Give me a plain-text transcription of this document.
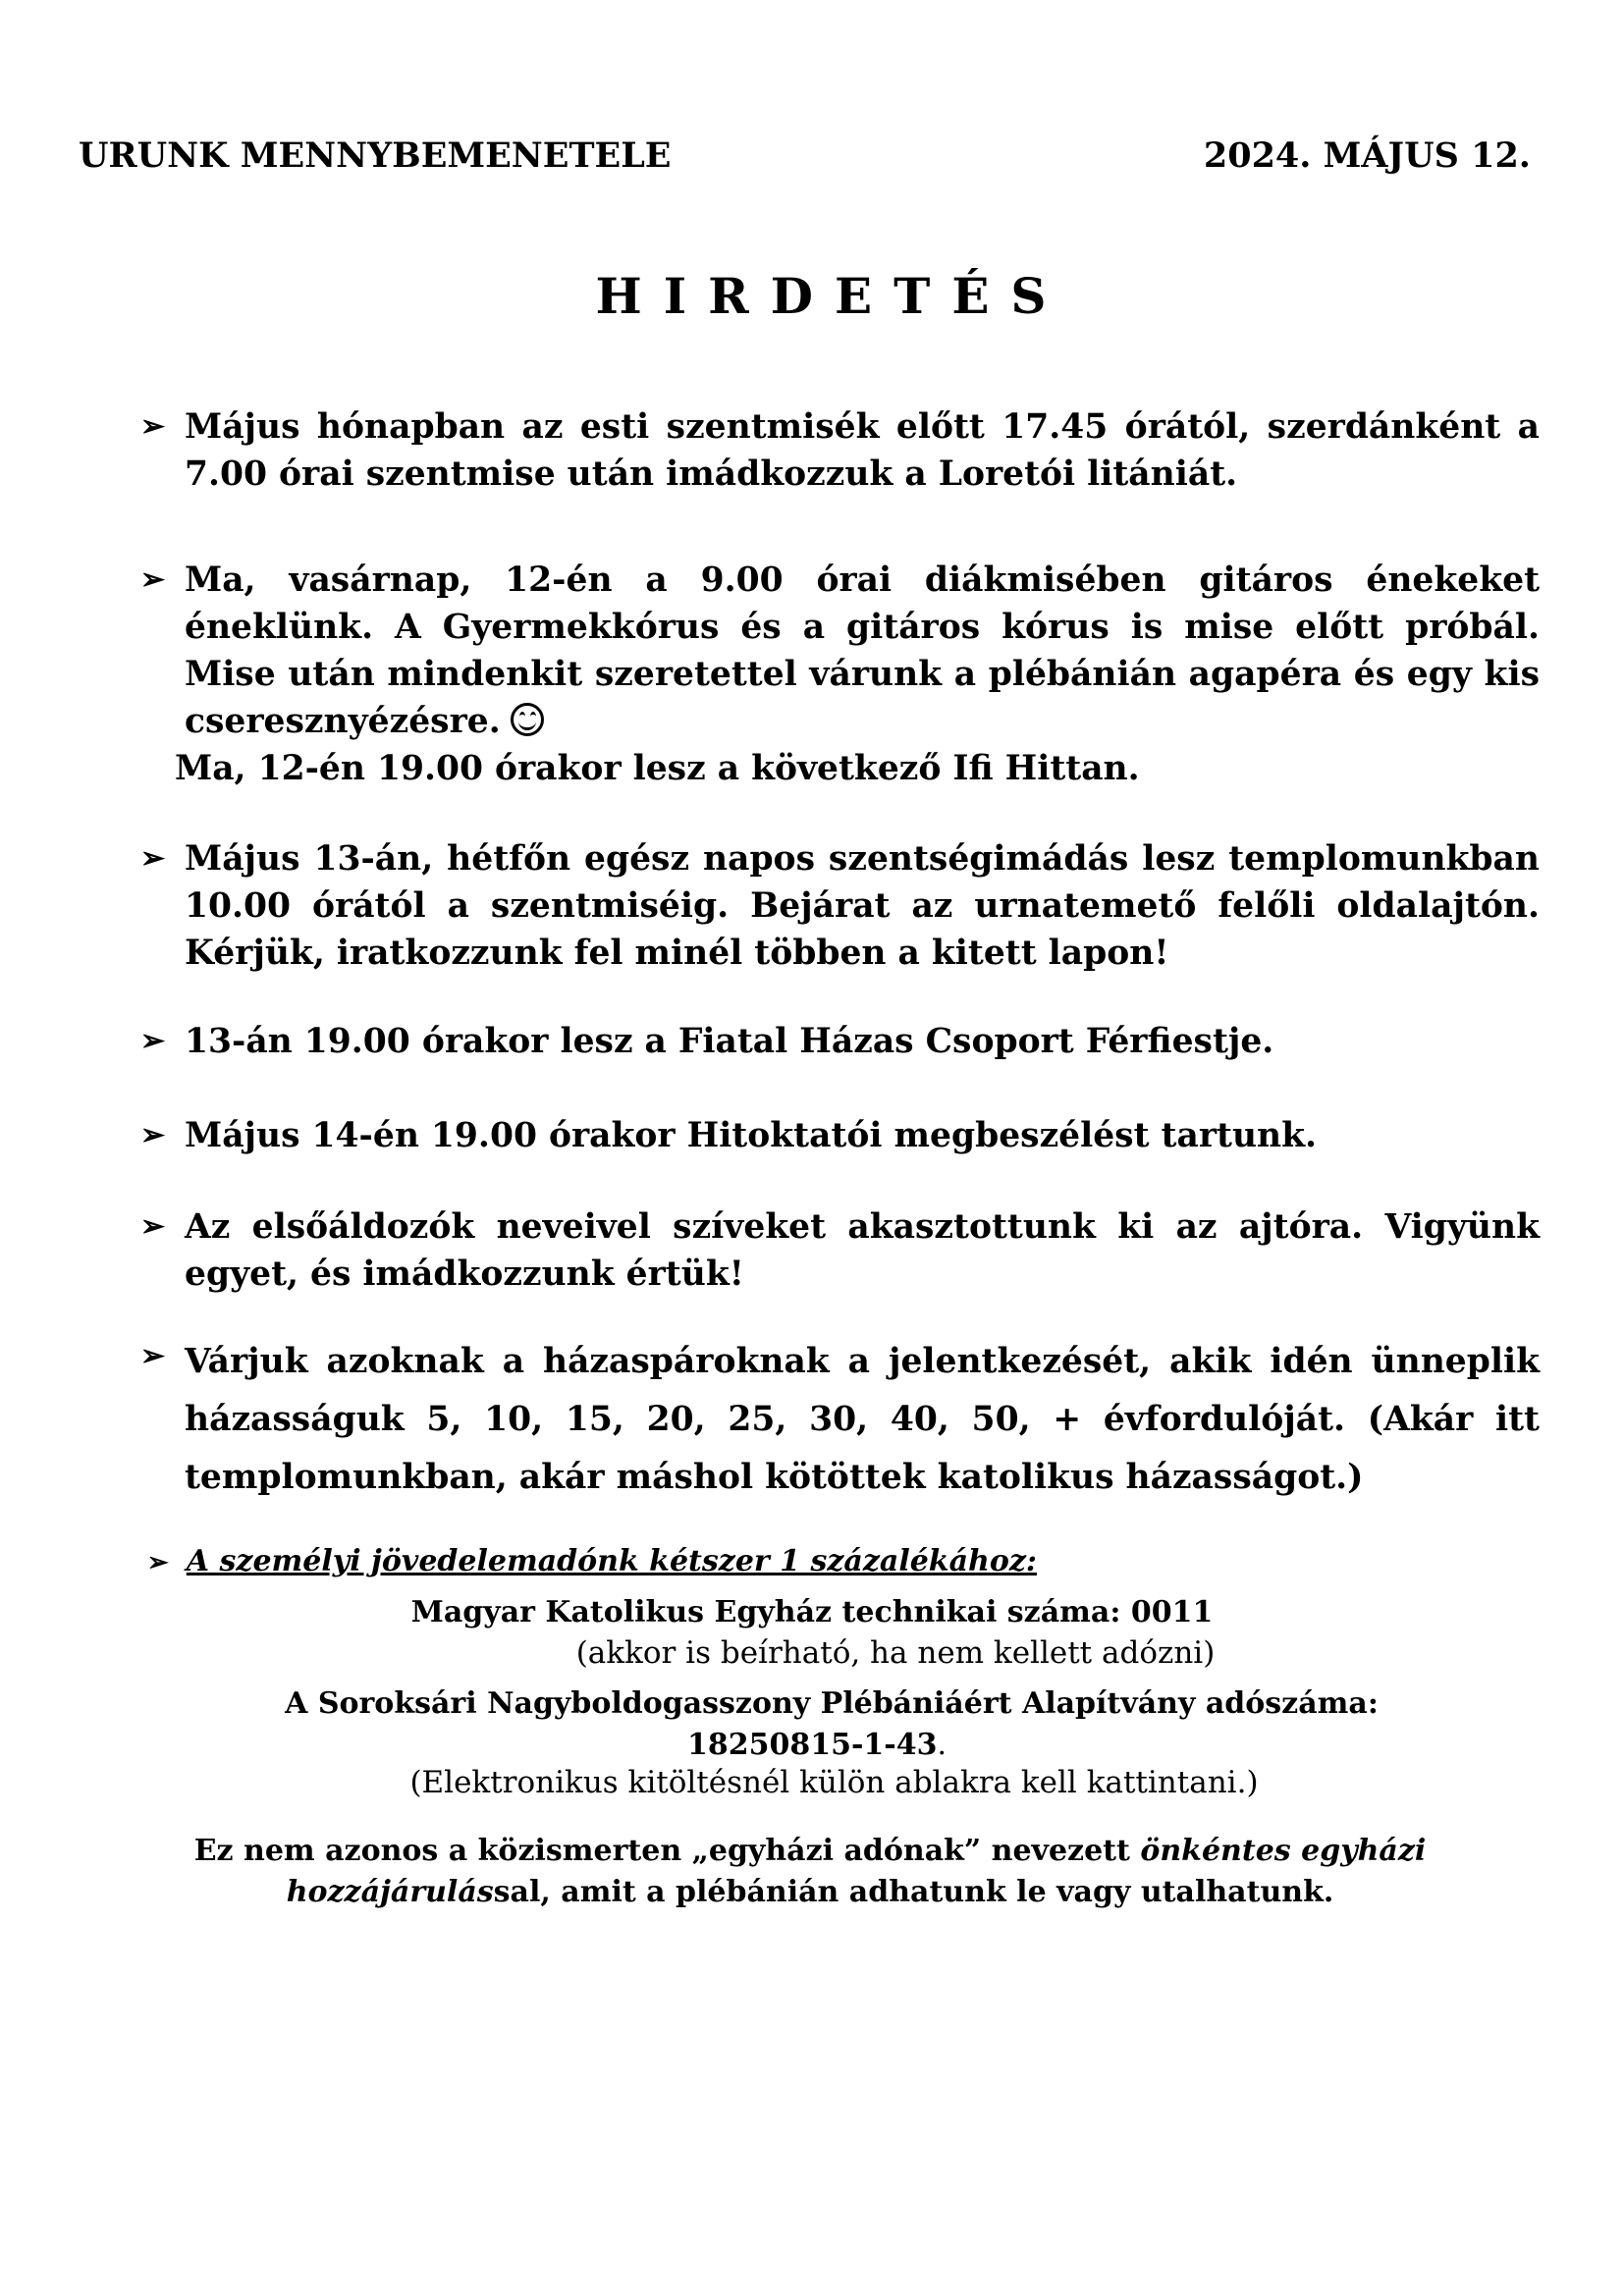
URUNK MENNYBEMENETELE	2024. MÁJUS 12.
HIRDETÉS
➢ Május hónapban az esti szentmisék előtt 17.45 órától, szerdánként a 7.00 órai szentmise után imádkozzuk a Loretói litániát.
➢ Ma, vasárnap, 12-én a 9.00 órai diákmisében gitáros énekeket éneklünk. A Gyermekkórus és a gitáros kórus is mise előtt próbál. Mise után mindenkit szeretettel várunk a plébánián agapéra és egy kis cseresznyézésre.
Ma, 12-én 19.00 órakor lesz a következő Ifi Hittan.
➢ Május 13-án, hétfőn egész napos szentségimádás lesz templomunkban 10.00 órától a szentmiséig. Bejárat az urnatemető felőli oldalajtón. Kérjük, iratkozzunk fel minél többen a kitett lapon!
➢ 13-án 19.00 órakor lesz a Fiatal Házas Csoport Férfiestje.
➢ Május 14-én 19.00 órakor Hitoktatói megbeszélést tartunk.
➢ Az elsőáldozók neveivel szíveket akasztottunk ki az ajtóra. Vigyünk egyet, és imádkozzunk értük!
➢ Várjuk azoknak a házaspároknak a jelentkezését, akik idén ünneplik házasságuk 5, 10, 15, 20, 25, 30, 40, 50, + évfordulóját. (Akár itt templomunkban, akár máshol kötöttek katolikus házasságot.)
➢ A személyi jövedelemadónk kétszer 1 százalékához:
Magyar Katolikus Egyház technikai száma: 0011
(akkor is beírható, ha nem kellett adózni)
A Soroksári Nagyboldogasszony Plébániáért Alapítvány adószáma:
18250815-1-43.
(Elektronikus kitöltésnél külön ablakra kell kattintani.)
Ez nem azonos a közismerten „egyházi adónak” nevezett önkéntes egyházi hozzájárulással, amit a plébánián adhatunk le vagy utalhatunk.
